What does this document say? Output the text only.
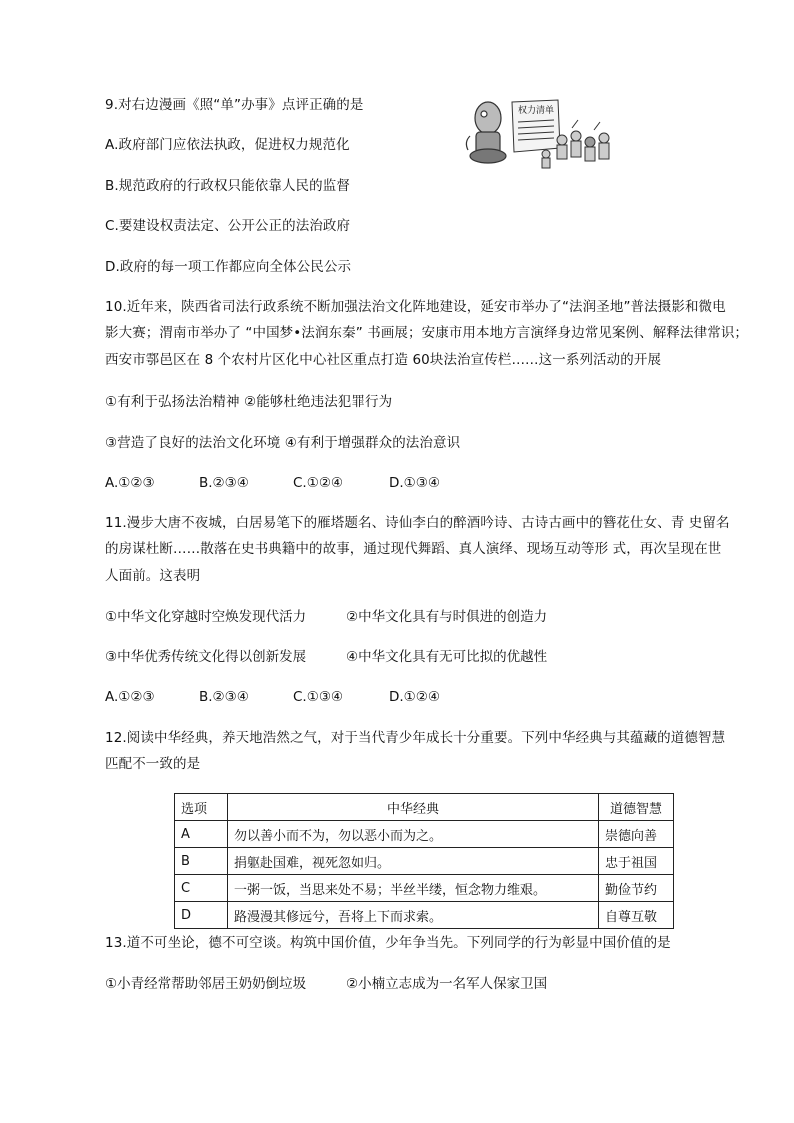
9.对右边漫画《照“单”办事》点评正确的是
A.政府部门应依法执政，促进权力规范化
B.规范政府的行政权只能依靠人民的监督
C.要建设权责法定、公开公正的法治政府
D.政府的每一项工作都应向全体公民公示
权力清单
10.近年来，陕西省司法行政系统不断加强法治文化阵地建设，延安市举办了“法润圣地”普法摄影和微电
影大赛；渭南市举办了 “中国梦•法润东秦” 书画展；安康市用本地方言演绎身边常见案例、解释法律常识；
西安市鄠邑区在 8 个农村片区化中心社区重点打造 60块法治宣传栏……这一系列活动的开展
①有利于弘扬法治精神 ②能够杜绝违法犯罪行为
③营造了良好的法治文化环境 ④有利于增强群众的法治意识
A.①②③	B.②③④	C.①②④	D.①③④
11.漫步大唐不夜城，白居易笔下的雁塔题名、诗仙李白的醉酒吟诗、古诗古画中的簪花仕女、青 史留名
的房谋杜断……散落在史书典籍中的故事，通过现代舞蹈、真人演绎、现场互动等形 式，再次呈现在世
人面前。这表明
①中华文化穿越时空焕发现代活力	②中华文化具有与时俱进的创造力
③中华优秀传统文化得以创新发展	④中华文化具有无可比拟的优越性
A.①②③	B.②③④	C.①③④	D.①②④
12.阅读中华经典，养天地浩然之气，对于当代青少年成长十分重要。下列中华经典与其蕴藏的道德智慧
匹配不一致的是
选项	中华经典	道德智慧
A	勿以善小而不为，勿以恶小而为之。	崇德向善
B	捐躯赴国难，视死忽如归。	忠于祖国
C	一粥一饭，当思来处不易；半丝半缕，恒念物力维艰。	勤俭节约
D	路漫漫其修远兮，吾将上下而求索。	自尊互敬
13.道不可坐论，德不可空谈。构筑中国价值，少年争当先。下列同学的行为彰显中国价值的是
①小青经常帮助邻居王奶奶倒垃圾	②小楠立志成为一名军人保家卫国
